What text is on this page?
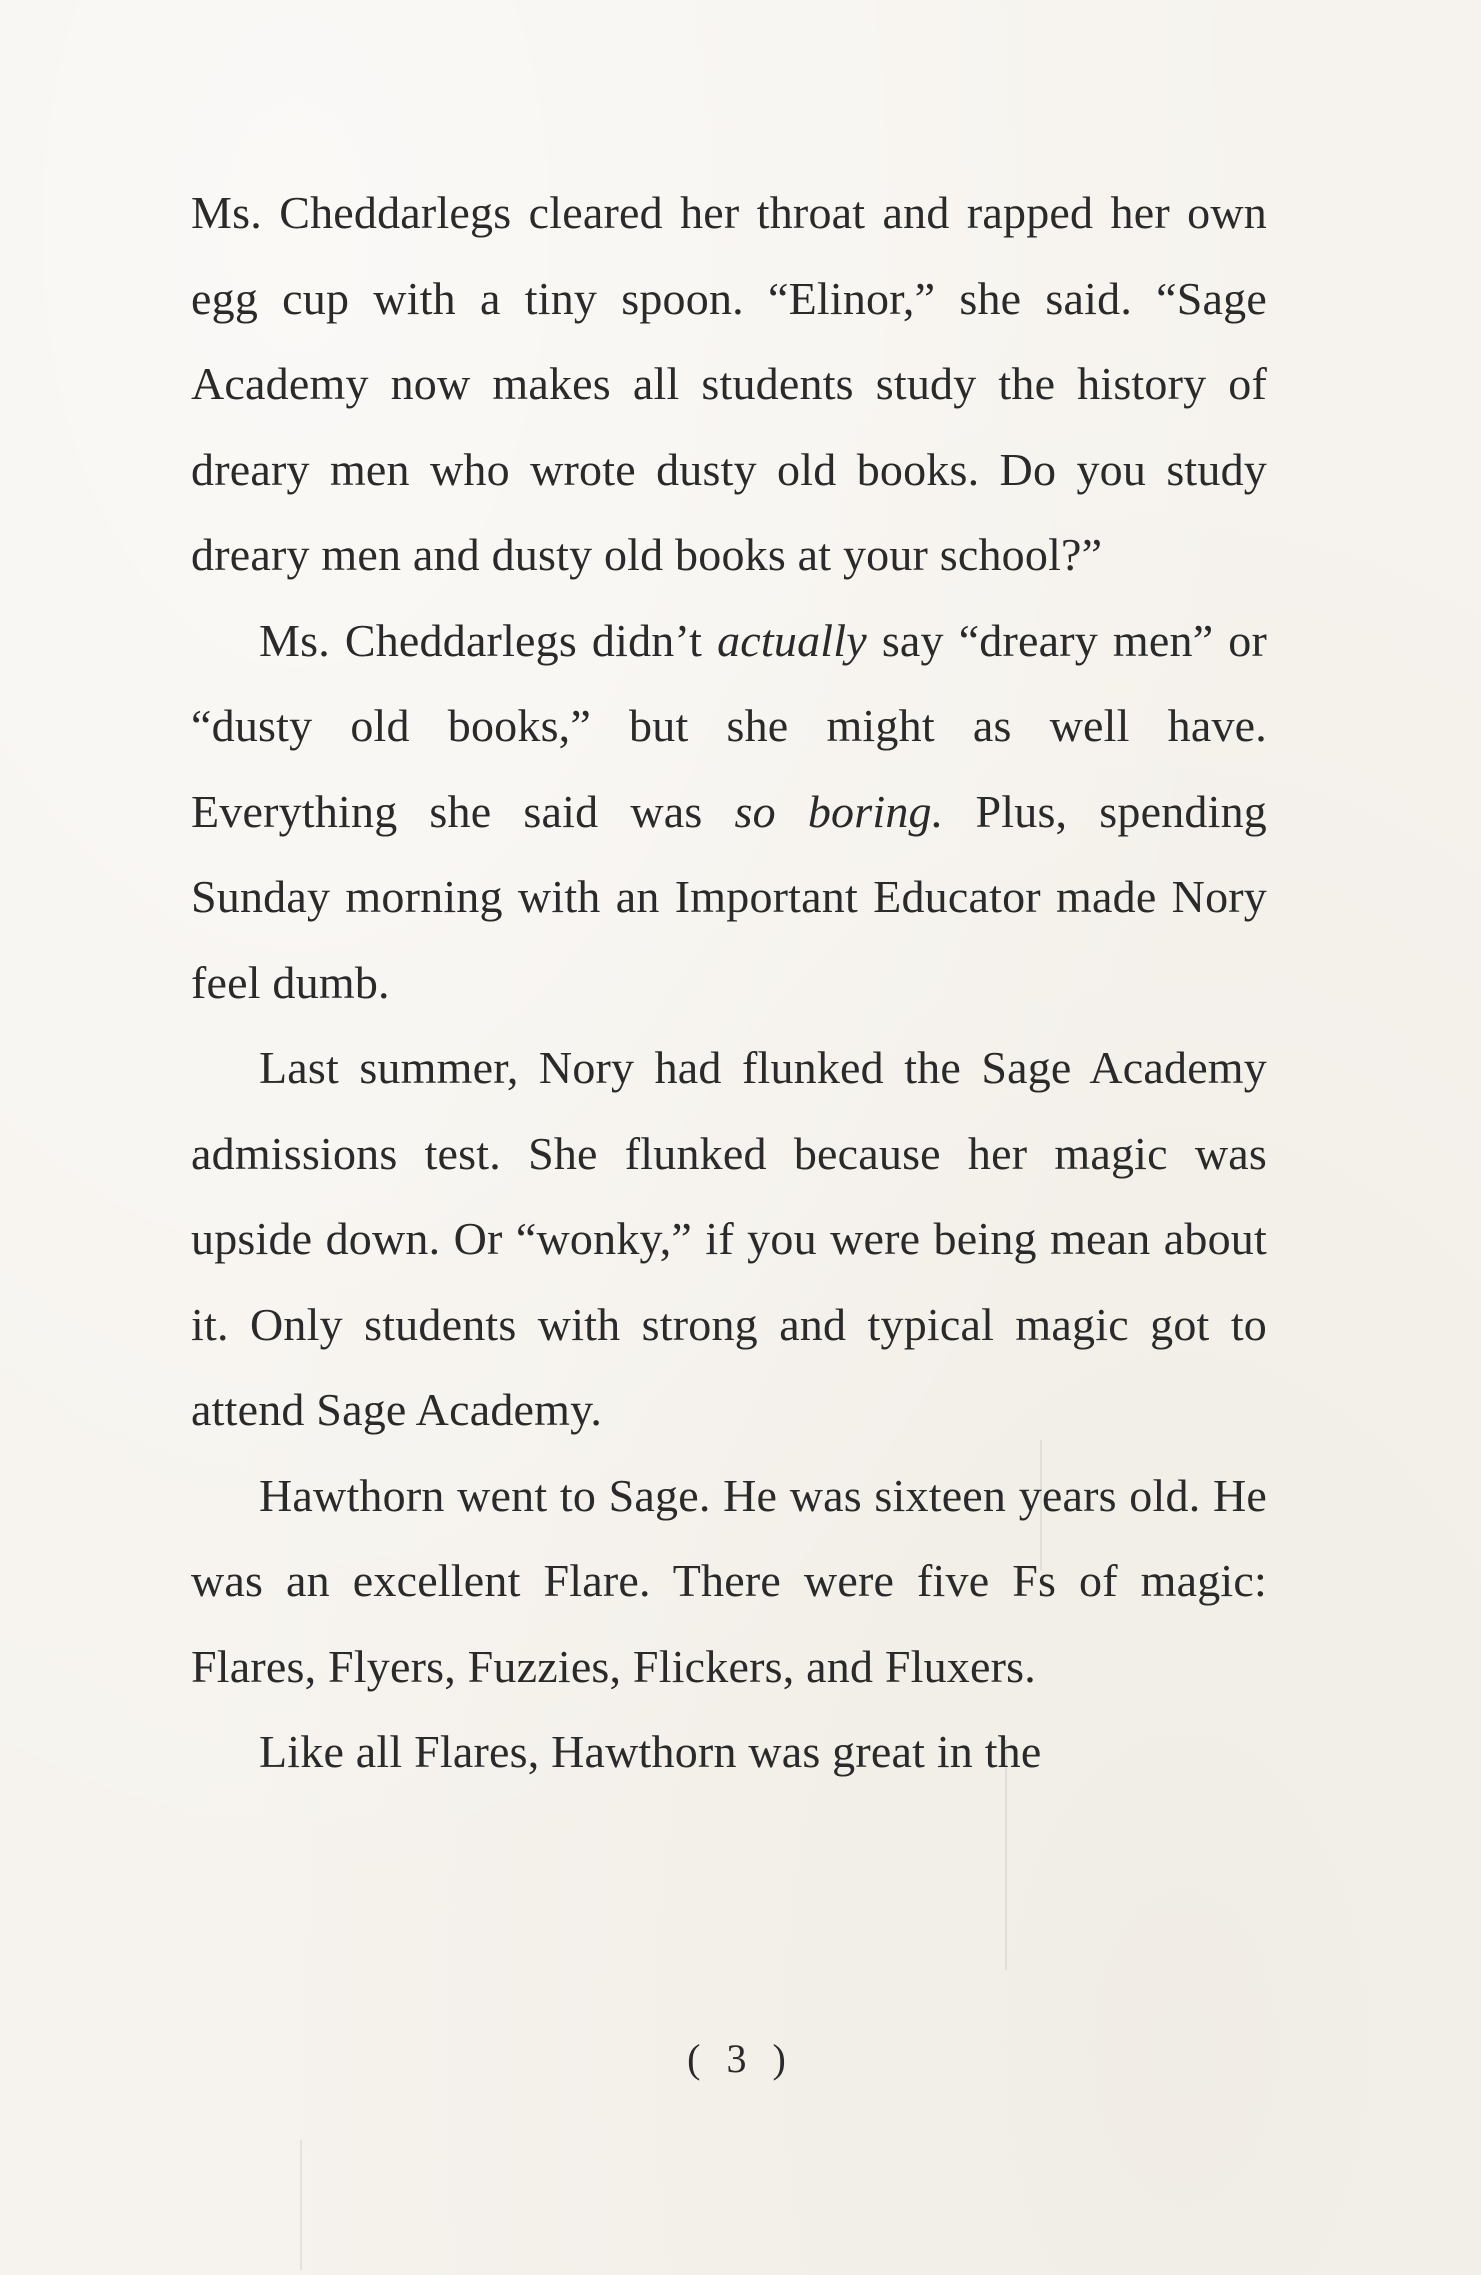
Ms. Cheddarlegs cleared her throat and rapped her own egg cup with a tiny spoon. “Elinor,” she said. “Sage Academy now makes all students study the history of dreary men who wrote dusty old books. Do you study dreary men and dusty old books at your school?”

Ms. Cheddarlegs didn’t actually say “dreary men” or “dusty old books,” but she might as well have. Everything she said was so boring. Plus, spending Sunday morning with an Important Educator made Nory feel dumb.

Last summer, Nory had flunked the Sage Academy admissions test. She flunked because her magic was upside down. Or “wonky,” if you were being mean about it. Only students with strong and typical magic got to attend Sage Academy.

Hawthorn went to Sage. He was sixteen years old. He was an excellent Flare. There were five Fs of magic: Flares, Flyers, Fuzzies, Flickers, and Fluxers.

Like all Flares, Hawthorn was great in the

( 3 )
